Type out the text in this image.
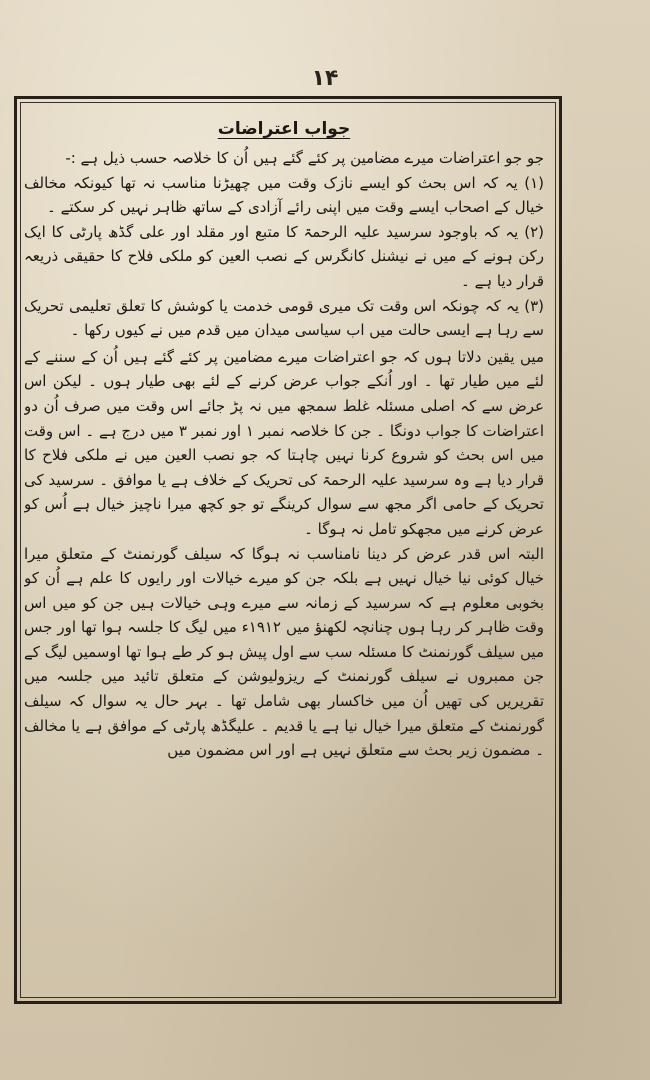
۱۴
جواب اعتراضات

جو جو اعتراضات میرے مضامین پر کئے گئے ہیں اُن کا خلاصہ حسب ذیل ہے :-

(۱) یہ کہ اس بحث کو ایسے نازک وقت میں چھیڑنا مناسب نہ تھا کیونکہ مخالف خیال کے اصحاب ایسے وقت میں اپنی رائے آزادی کے ساتھ ظاہر نہیں کر سکتے ۔

(۲) یہ کہ باوجود سرسید علیہ الرحمۃ کا متبع اور مقلد اور علی گڈھ پارٹی کا ایک رکن ہونے کے میں نے نیشنل کانگرس کے نصب العین کو ملکی فلاح کا حقیقی ذریعہ قرار دیا ہے ۔

(۳) یہ کہ چونکہ اس وقت تک میری قومی خدمت یا کوشش کا تعلق تعلیمی تحریک سے رہا ہے ایسی حالت میں اب سیاسی میدان میں قدم میں نے کیوں رکھا ۔

میں یقین دلاتا ہوں کہ جو اعتراضات میرے مضامین پر کئے گئے ہیں اُن کے سننے کے لئے میں طیار تھا ۔ اور اُنکے جواب عرض کرنے کے لئے بھی طیار ہوں ۔ لیکن اس عرض سے کہ اصلی مسئلہ غلط سمجھ میں نہ پڑ جائے اس وقت میں صرف اُن دو اعتراضات کا جواب دونگا ۔ جن کا خلاصہ نمبر ۱ اور نمبر ۳ میں درج ہے ۔ اس وقت میں اس بحث کو شروع کرنا نہیں چاہتا کہ جو نصب العین میں نے ملکی فلاح کا قرار دیا ہے وہ سرسید علیہ الرحمۃ کی تحریک کے خلاف ہے یا موافق ۔ سرسید کی تحریک کے حامی اگر مجھ سے سوال کرینگے تو جو کچھ میرا ناچیز خیال ہے اُس کو عرض کرنے میں مجھکو تامل نہ ہوگا ۔

البتہ اس قدر عرض کر دینا نامناسب نہ ہوگا کہ سیلف گورنمنٹ کے متعلق میرا خیال کوئی نیا خیال نہیں ہے بلکہ جن کو میرے خیالات اور رایوں کا علم ہے اُن کو بخوبی معلوم ہے کہ سرسید کے زمانہ سے میرے وہی خیالات ہیں جن کو میں اس وقت ظاہر کر رہا ہوں چنانچہ لکھنؤ میں ۱۹۱۲ء میں لیگ کا جلسہ ہوا تھا اور جس میں سیلف گورنمنٹ کا مسئلہ سب سے اول پیش ہو کر طے ہوا تھا اوسمیں لیگ کے جن ممبروں نے سیلف گورنمنٹ کے ریزولیوشن کے متعلق تائید میں جلسہ میں تقریریں کی تھیں اُن میں خاکسار بھی شامل تھا ۔ بہر حال یہ سوال کہ سیلف گورنمنٹ کے متعلق میرا خیال نیا ہے یا قدیم ۔ علیگڈھ پارٹی کے موافق ہے یا مخالف ۔ مضمون زیر بحث سے متعلق نہیں ہے اور اس مضمون میں
